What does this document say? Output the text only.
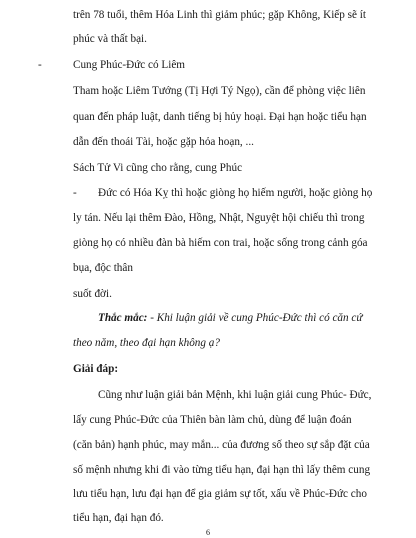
trên 78 tuổi, thêm Hóa Linh thì giảm phúc; gặp Không, Kiếp sẽ ít
phúc và thất bại.
-	Cung Phúc-Đức có Liêm
Tham hoặc Liêm Tướng (Tị Hợi Tý Ngọ), cần để phòng việc liên
quan đến pháp luật, danh tiếng bị hủy hoại. Đại hạn hoặc tiểu hạn
dẫn đến thoái Tài, hoặc gặp hỏa hoạn, ...
Sách Tử Vi cũng cho rằng, cung Phúc
- Đức có Hóa Kỵ thì hoặc giòng họ hiếm người, hoặc giòng họ
ly tán. Nếu lại thêm Đào, Hồng, Nhật, Nguyệt hội chiếu thì trong
giòng họ có nhiều đàn bà hiếm con trai, hoặc sống trong cảnh góa
bụa, độc thân
suốt đời.
Thắc mắc: - Khi luận giải về cung Phúc-Đức thì có căn cứ
theo năm, theo đại hạn không ạ?
Giải đáp:
Cũng như luận giải bản Mệnh, khi luận giải cung Phúc- Đức,
lấy cung Phúc-Đức của Thiên bàn làm chủ, dùng để luận đoán
(căn bản) hạnh phúc, may mắn... của đương số theo sự sắp đặt của
số mệnh nhưng khi đi vào từng tiểu hạn, đại hạn thì lấy thêm cung
6
lưu tiểu hạn, lưu đại hạn để gia giảm sự tốt, xấu về Phúc-Đức cho
tiểu hạn, đại hạn đó.
